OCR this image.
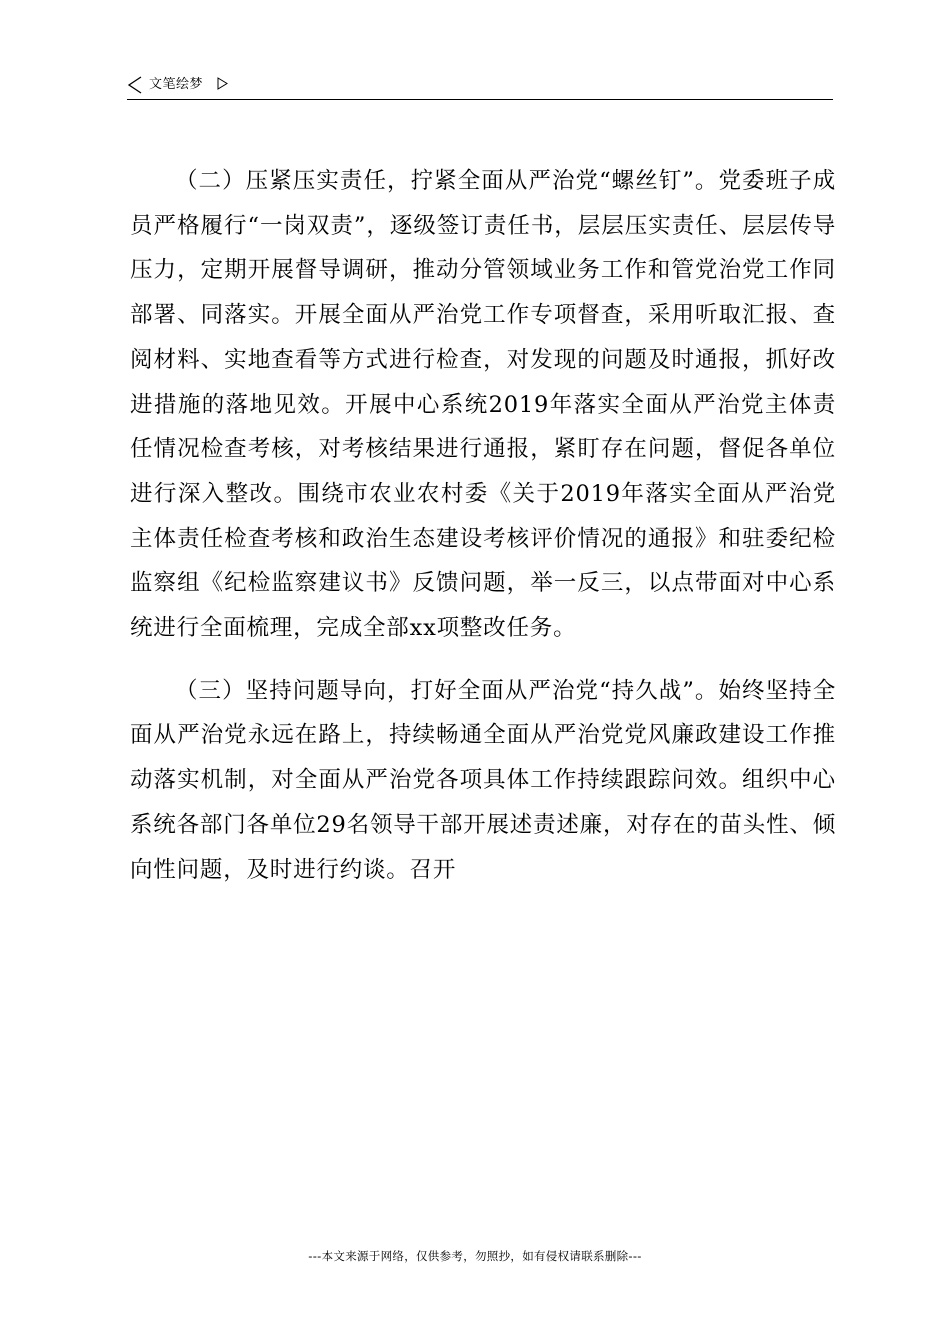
文笔绘梦

（二）压紧压实责任，拧紧全面从严治党“螺丝钉”。党委班子成员严格履行“一岗双责”，逐级签订责任书，层层压实责任、层层传导压力，定期开展督导调研，推动分管领域业务工作和管党治党工作同部署、同落实。开展全面从严治党工作专项督查，采用听取汇报、查阅材料、实地查看等方式进行检查，对发现的问题及时通报，抓好改进措施的落地见效。开展中心系统2019年落实全面从严治党主体责任情况检查考核，对考核结果进行通报，紧盯存在问题，督促各单位进行深入整改。围绕市农业农村委《关于2019年落实全面从严治党主体责任检查考核和政治生态建设考核评价情况的通报》和驻委纪检监察组《纪检监察建议书》反馈问题，举一反三，以点带面对中心系统进行全面梳理，完成全部xx项整改任务。

（三）坚持问题导向，打好全面从严治党“持久战”。始终坚持全面从严治党永远在路上，持续畅通全面从严治党党风廉政建设工作推动落实机制，对全面从严治党各项具体工作持续跟踪问效。组织中心系统各部门各单位29名领导干部开展述责述廉，对存在的苗头性、倾向性问题，及时进行约谈。召开

---本文来源于网络，仅供参考，勿照抄，如有侵权请联系删除---
